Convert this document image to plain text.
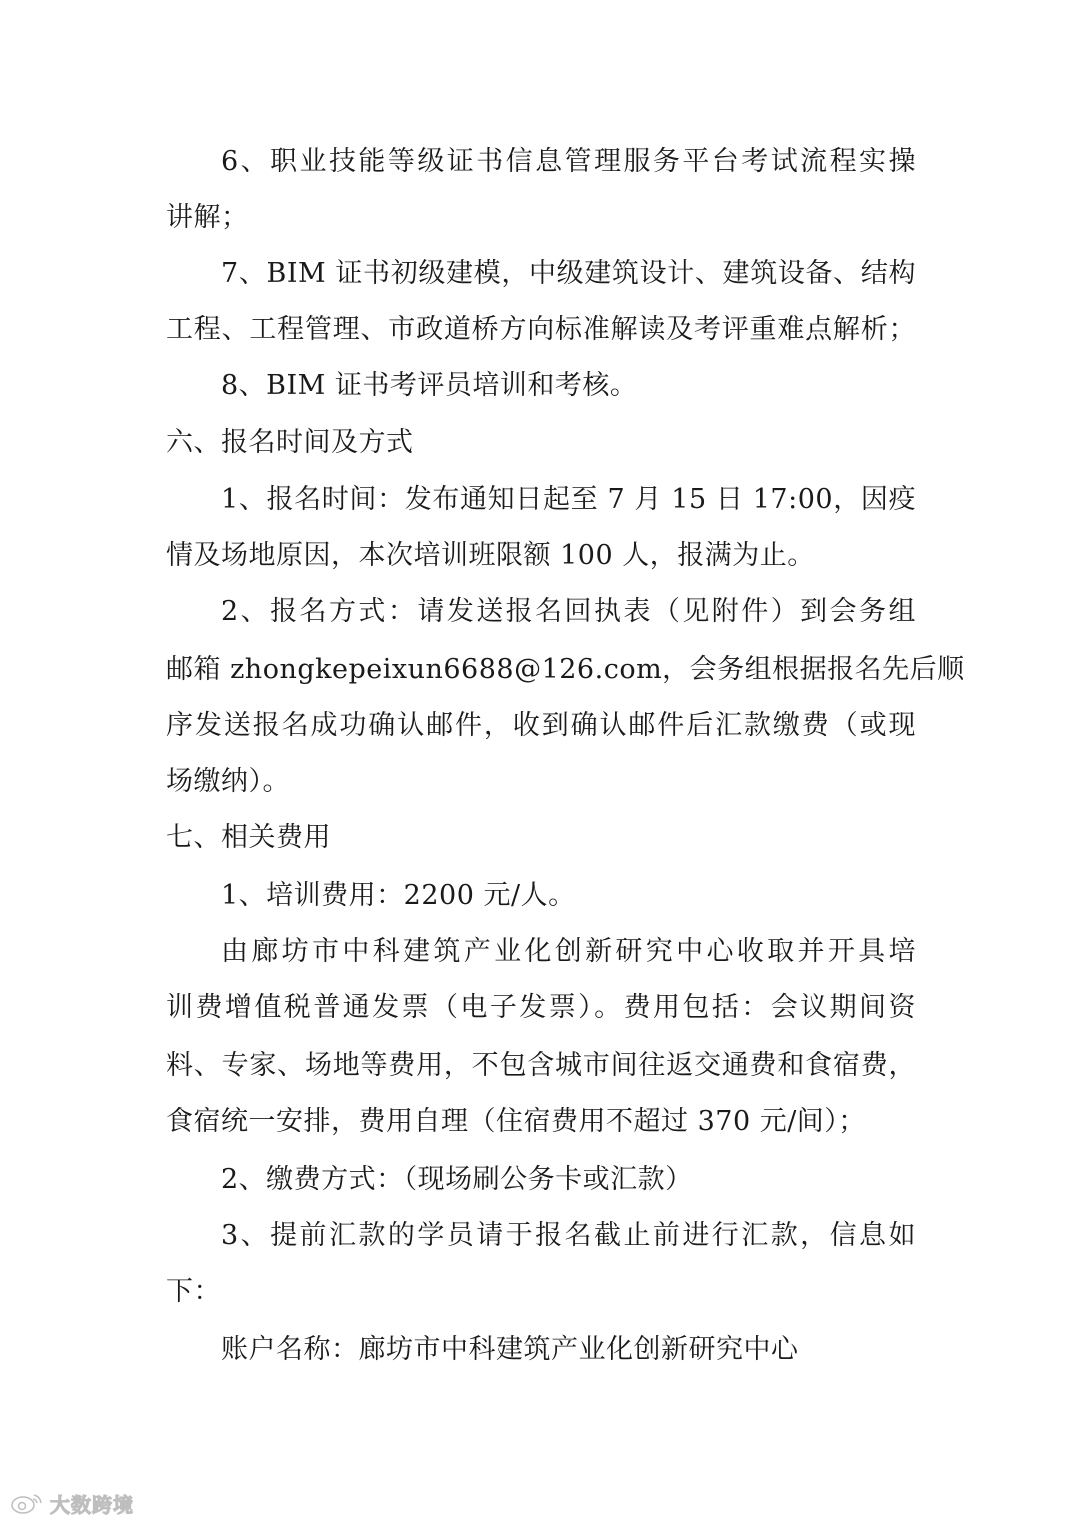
6、职业技能等级证书信息管理服务平台考试流程实操
讲解；
7、BIM 证书初级建模，中级建筑设计、建筑设备、结构
工程、工程管理、市政道桥方向标准解读及考评重难点解析；
8、BIM 证书考评员培训和考核。
六、报名时间及方式
1、报名时间：发布通知日起至 7 月 15 日 17:00，因疫
情及场地原因，本次培训班限额 100 人，报满为止。
2、报名方式：请发送报名回执表（见附件）到会务组
邮箱 zhongkepeixun6688@126.com，会务组根据报名先后顺
序发送报名成功确认邮件，收到确认邮件后汇款缴费（或现
场缴纳）。
七、相关费用
1、培训费用：2200 元/人。
由廊坊市中科建筑产业化创新研究中心收取并开具培
训费增值税普通发票（电子发票）。费用包括：会议期间资
料、专家、场地等费用，不包含城市间往返交通费和食宿费，
食宿统一安排，费用自理（住宿费用不超过 370 元/间）；
2、缴费方式：（现场刷公务卡或汇款）
3、提前汇款的学员请于报名截止前进行汇款，信息如
下：
账户名称：廊坊市中科建筑产业化创新研究中心
大数跨境
